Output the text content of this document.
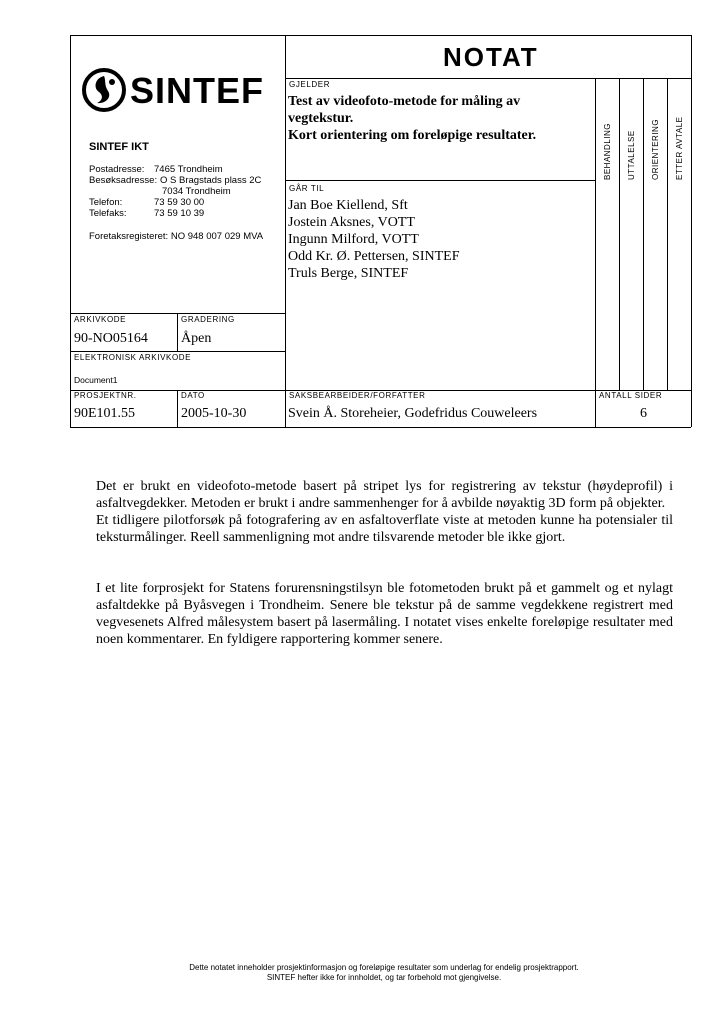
SINTEF
SINTEF IKT
Postadresse: 7465 Trondheim
Besøksadresse: O S Bragstads plass 2C
7034 Trondheim
Telefon:	73 59 30 00
Telefaks:	73 59 10 39
Foretaksregisteret: NO 948 007 029 MVA
NOTAT
GJELDER
Test av videofoto-metode for måling av
vegtekstur.
Kort orientering om foreløpige resultater.	BEHANDLING UTTALELSE ORIENTERING ETTER AVTALE
GÅR TIL
Jan Boe Kiellend, Sft
Jostein Aksnes, VOTT
Ingunn Milford, VOTT
Odd Kr. Ø. Pettersen, SINTEF
Truls Berge, SINTEF
ARKIVKODE
90-NO05164
GRADERING
Åpen
ELEKTRONISK ARKIVKODE
Document1
PROSJEKTNR.
90E101.55
DATO
2005-10-30
SAKSBEARBEIDER/FORFATTER
Svein Å. Storeheier, Godefridus Couweleers
ANTALL SIDER
6

Det er brukt en videofoto-metode basert på stripet lys for registrering av tekstur (høydeprofil) i asfaltvegdekker. Metoden er brukt i andre sammenhenger for å avbilde nøyaktig 3D form på objekter.

Et tidligere pilotforsøk på fotografering av en asfaltoverflate viste at metoden kunne ha potensialer til teksturmålinger. Reell sammenligning mot andre tilsvarende metoder ble ikke gjort.

I et lite forprosjekt for Statens forurensningstilsyn ble fotometoden brukt på et gammelt og et nylagt asfaltdekke på Byåsvegen i Trondheim. Senere ble tekstur på de samme vegdekkene registrert med vegvesenets Alfred målesystem basert på lasermåling. I notatet vises enkelte foreløpige resultater med noen kommentarer. En fyldigere rapportering kommer senere.

Dette notatet inneholder prosjektinformasjon og foreløpige resultater som underlag for endelig prosjektrapport.
SINTEF hefter ikke for innholdet, og tar forbehold mot gjengivelse.
